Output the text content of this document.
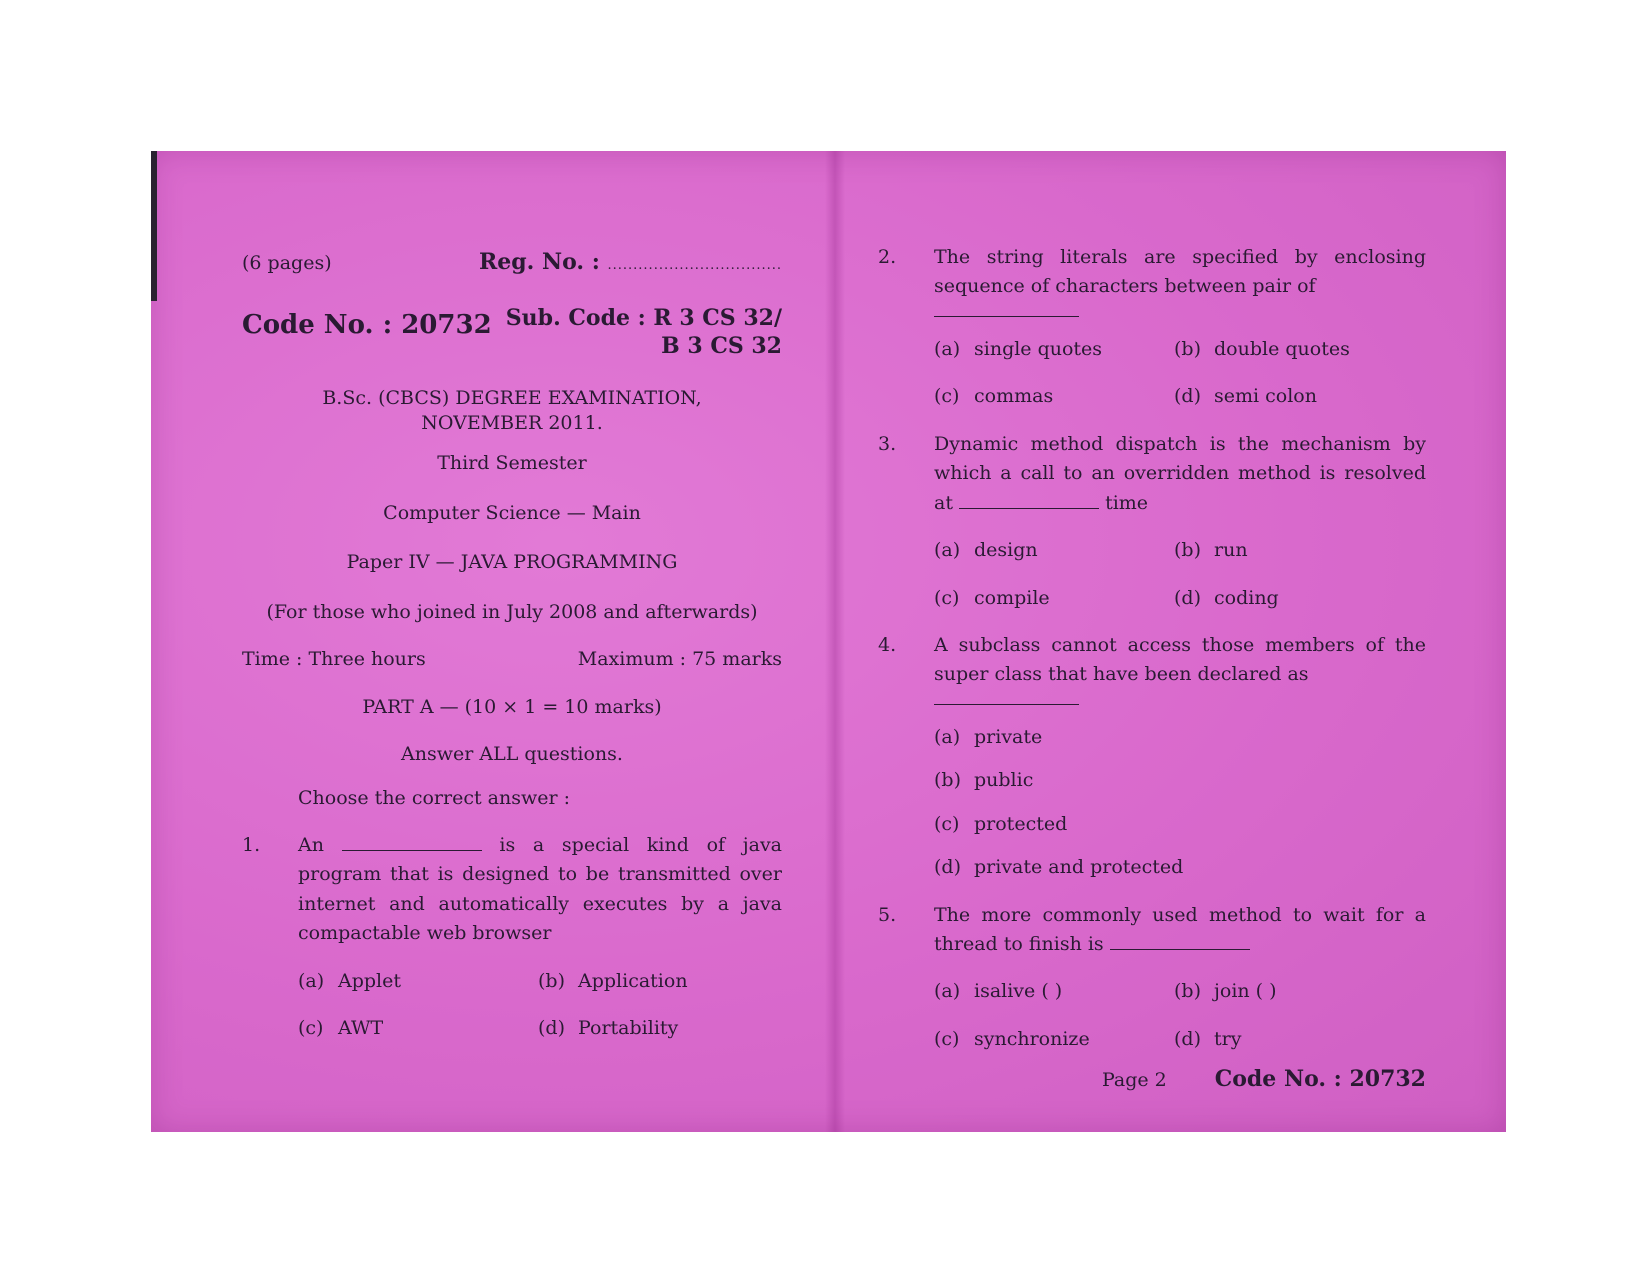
(6 pages)	Reg. No. : ..................................
Code No. : 20732 Sub. Code : R 3 CS 32/
B 3 CS 32
B.Sc. (CBCS) DEGREE EXAMINATION,
NOVEMBER 2011.
Third Semester
Computer Science — Main
Paper IV — JAVA PROGRAMMING
(For those who joined in July 2008 and afterwards)
Time : Three hours	Maximum : 75 marks
PART A — (10 × 1 = 10 marks)
Answer ALL questions.
Choose the correct answer :
1.	An	is a special kind of java program that is designed to be transmitted over internet and automatically executes by a java compactable web browser
(a) Applet	(b) Application
(c) AWT	(d) Portability
2.	The string literals are specified by enclosing sequence of characters between pair of
(a) single quotes	(b) double quotes
(c) commas	(d) semi colon
3.	Dynamic method dispatch is the mechanism by which a call to an overridden method is resolved at	time
(a) design	(b) run
(c) compile	(d) coding
4.	A subclass cannot access those members of the super class that have been declared as
(a) private
(b) public
(c) protected
(d) private and protected
5.	The more commonly used method to wait for a thread to finish is
(a) isalive ( )	(b) join ( )
(c) synchronize	(d) try
Page 2 Code No. : 20732
